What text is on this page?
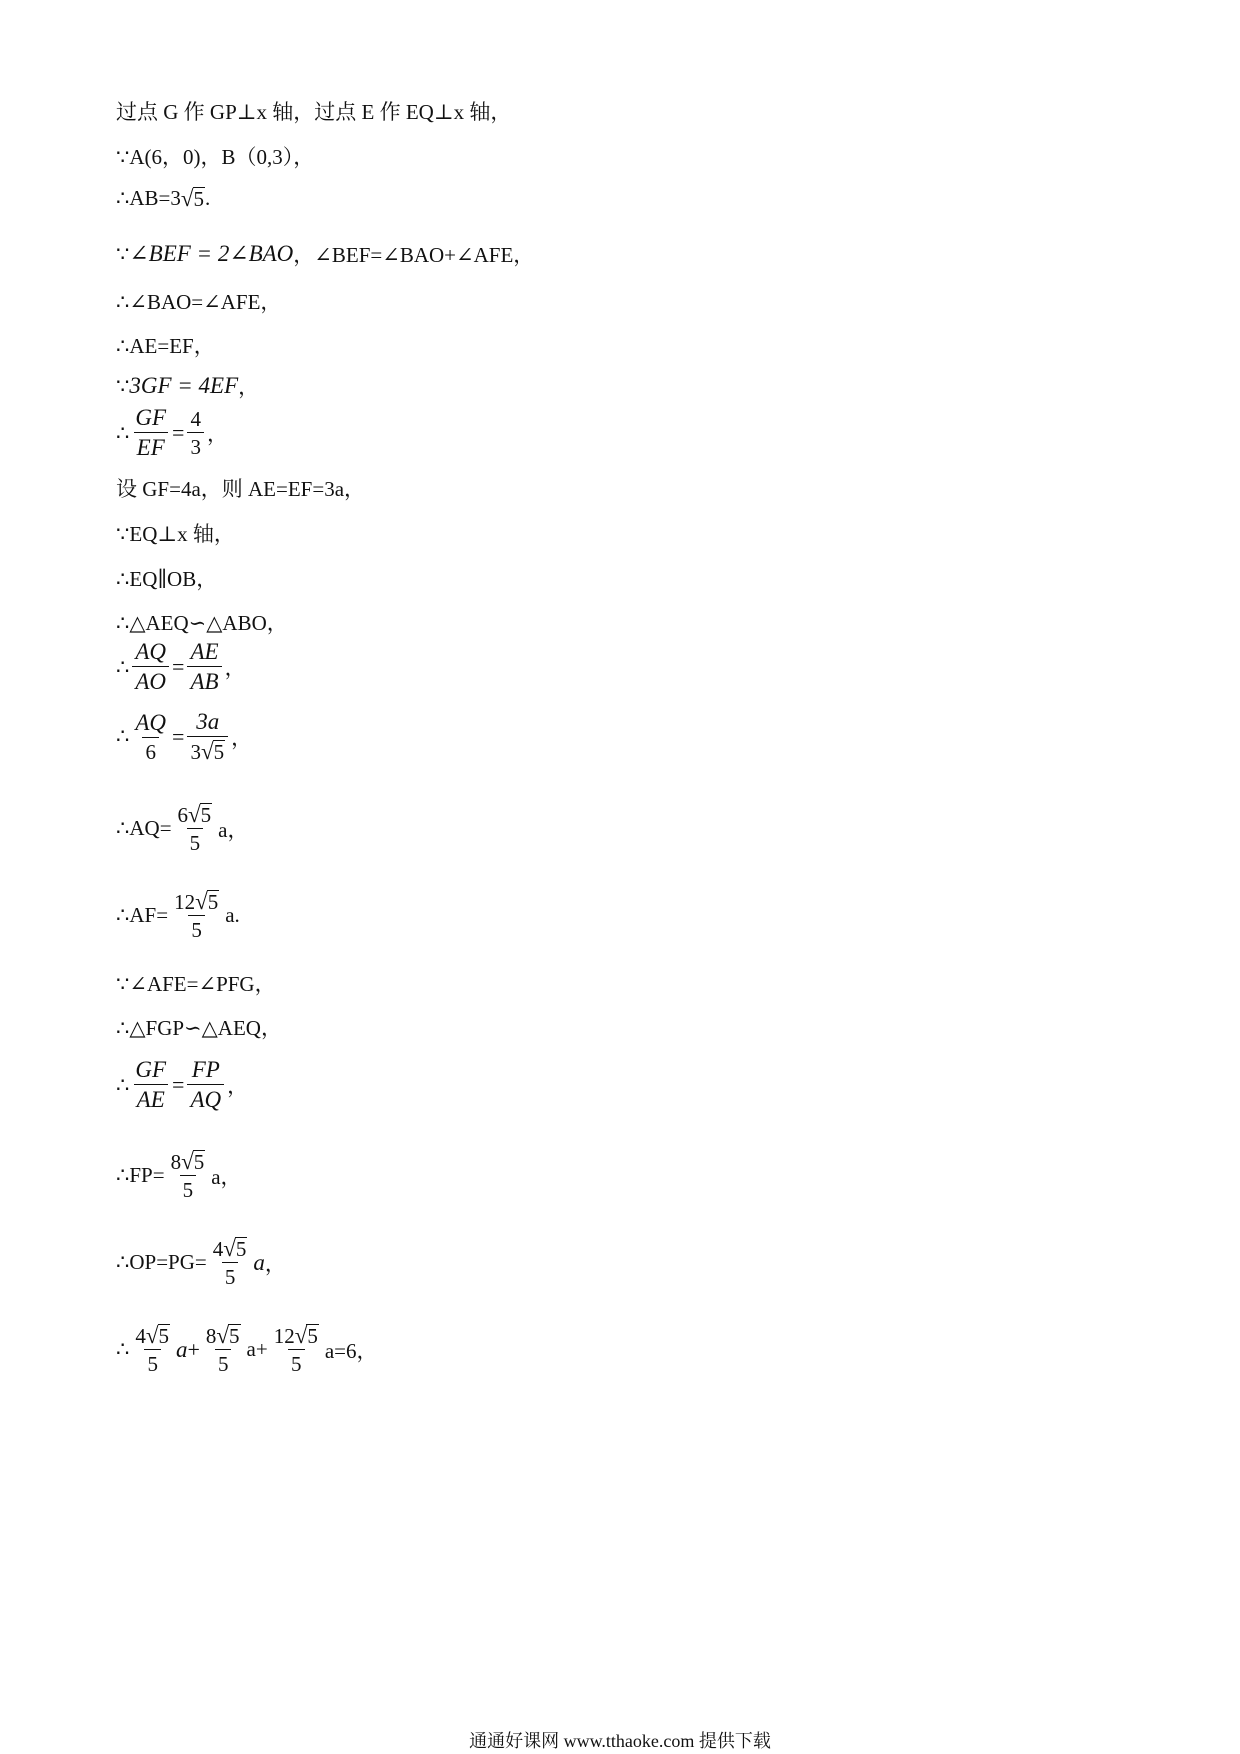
过点 G 作 GP⊥x 轴，过点 E 作 EQ⊥x 轴，
∵A(6，0)，B（0,3），
∴AB=3 √ 5 .
∵ ∠BEF = 2∠BAO ，∠BEF=∠BAO+∠AFE，
∴∠BAO=∠AFE，
∴AE=EF，
∵ 3GF = 4EF ，
∴ $\frac{GF}{EF} = \frac{4}{3}$ ，
设 GF=4a，则 AE=EF=3a，
∵EQ⊥x 轴，
∴EQ∥OB，
∴△AEQ∽△ABO，
∴ $\frac{AQ}{AO} = \frac{AE}{AB}$ ，
∴ $\frac{AQ}{6} = \frac{3a}{3 √ 5}$ ，
∴AQ= $\frac{6 √ 5}{5}$ a，
∴AF= $\frac{12 √ 5}{5} a$.
∵∠AFE=∠PFG，
∴△FGP∽△AEQ，
∴ $\frac{GF}{AE} = \frac{FP}{AQ}$ ，
∴FP= $\frac{8 √ 5}{5}$ a，
∴OP=PG= $\frac{4 √ 5}{5}$ a ，
∴ $\frac{4 √ 5}{5}$ $a + \frac{8 √ 5}{5} a+ \frac{12 √ 5}{5} a=6$，
通通好课网 www.tthaoke.com 提供下载
